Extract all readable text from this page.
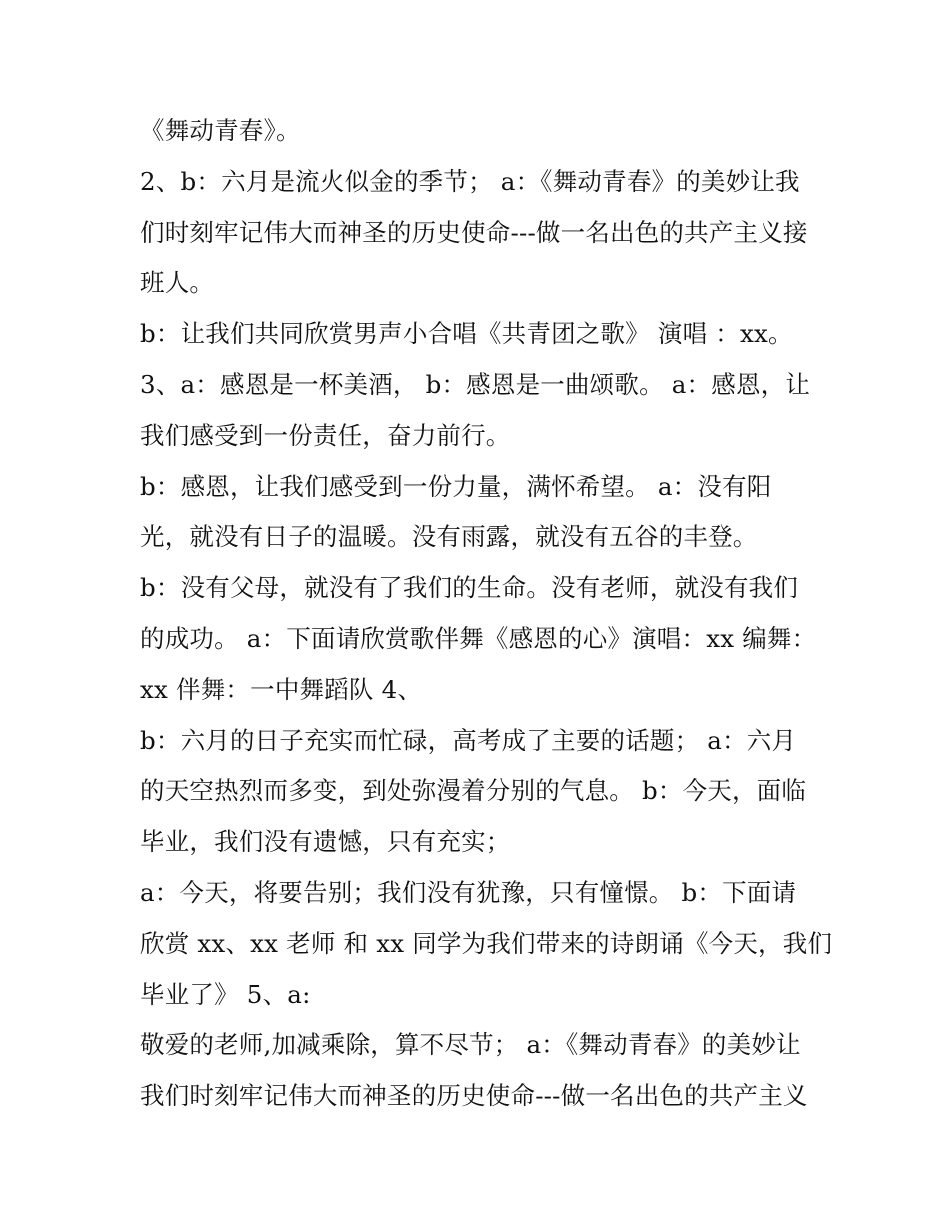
《舞动青春》。
2、b：六月是流火似金的季节； a：《舞动青春》的美妙让我
们时刻牢记伟大而神圣的历史使命---做一名出色的共产主义接
班人。
b：让我们共同欣赏男声小合唱《共青团之歌》 演唱 ：xx。
3、a：感恩是一杯美酒， b：感恩是一曲颂歌。 a：感恩，让
我们感受到一份责任，奋力前行。
b：感恩，让我们感受到一份力量，满怀希望。 a：没有阳
光，就没有日子的温暖。没有雨露，就没有五谷的丰登。
b：没有父母，就没有了我们的生命。没有老师，就没有我们
的成功。 a：下面请欣赏歌伴舞《感恩的心》演唱：xx 编舞：
xx 伴舞：一中舞蹈队 4、
b：六月的日子充实而忙碌，高考成了主要的话题； a：六月
的天空热烈而多变，到处弥漫着分别的气息。 b：今天，面临
毕业，我们没有遗憾，只有充实；
a：今天，将要告别；我们没有犹豫，只有憧憬。 b：下面请
欣赏 xx、xx 老师 和 xx 同学为我们带来的诗朗诵《今天，我们
毕业了》 5、a:
敬爱的老师,加减乘除，算不尽节； a：《舞动青春》的美妙让
我们时刻牢记伟大而神圣的历史使命---做一名出色的共产主义
